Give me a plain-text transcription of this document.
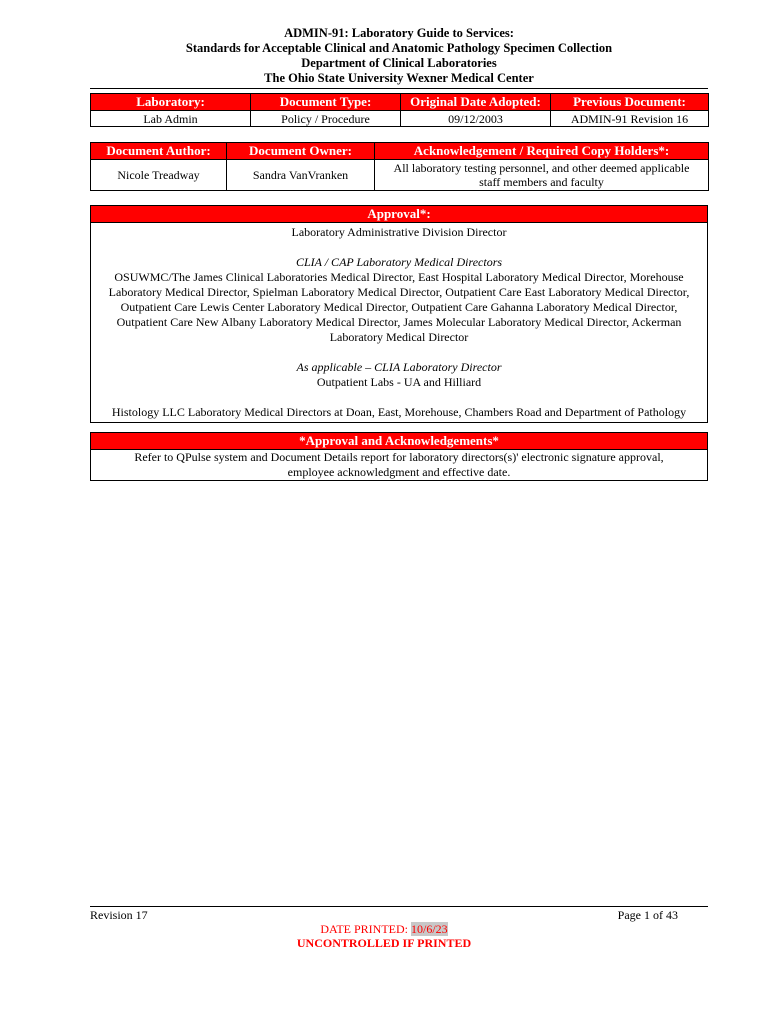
ADMIN-91: Laboratory Guide to Services:
Standards for Acceptable Clinical and Anatomic Pathology Specimen Collection
Department of Clinical Laboratories
The Ohio State University Wexner Medical Center
Laboratory:	Document Type:	Original Date Adopted:	Previous Document:
Lab Admin	Policy / Procedure	09/12/2003	ADMIN-91 Revision 16
Document Author:	Document Owner:	Acknowledgement / Required Copy Holders*:
Nicole Treadway	Sandra VanVranken	All laboratory testing personnel, and other deemed applicable staff members and faculty
Approval*:

Laboratory Administrative Division Director
CLIA / CAP Laboratory Medical Directors
OSUWMC/The James Clinical Laboratories Medical Director, East Hospital Laboratory Medical Director, Morehouse Laboratory Medical Director, Spielman Laboratory Medical Director, Outpatient Care East Laboratory Medical Director, Outpatient Care Lewis Center Laboratory Medical Director, Outpatient Care Gahanna Laboratory Medical Director, Outpatient Care New Albany Laboratory Medical Director, James Molecular Laboratory Medical Director, Ackerman Laboratory Medical Director
As applicable – CLIA Laboratory Director
Outpatient Labs - UA and Hilliard
Histology LLC Laboratory Medical Directors at Doan, East, Morehouse, Chambers Road and Department of Pathology
*Approval and Acknowledgements*
Refer to QPulse system and Document Details report for laboratory directors(s)' electronic signature approval, employee acknowledgment and effective date.
Revision 17	Page 1 of 43
DATE PRINTED: 10/6/23
UNCONTROLLED IF PRINTED
